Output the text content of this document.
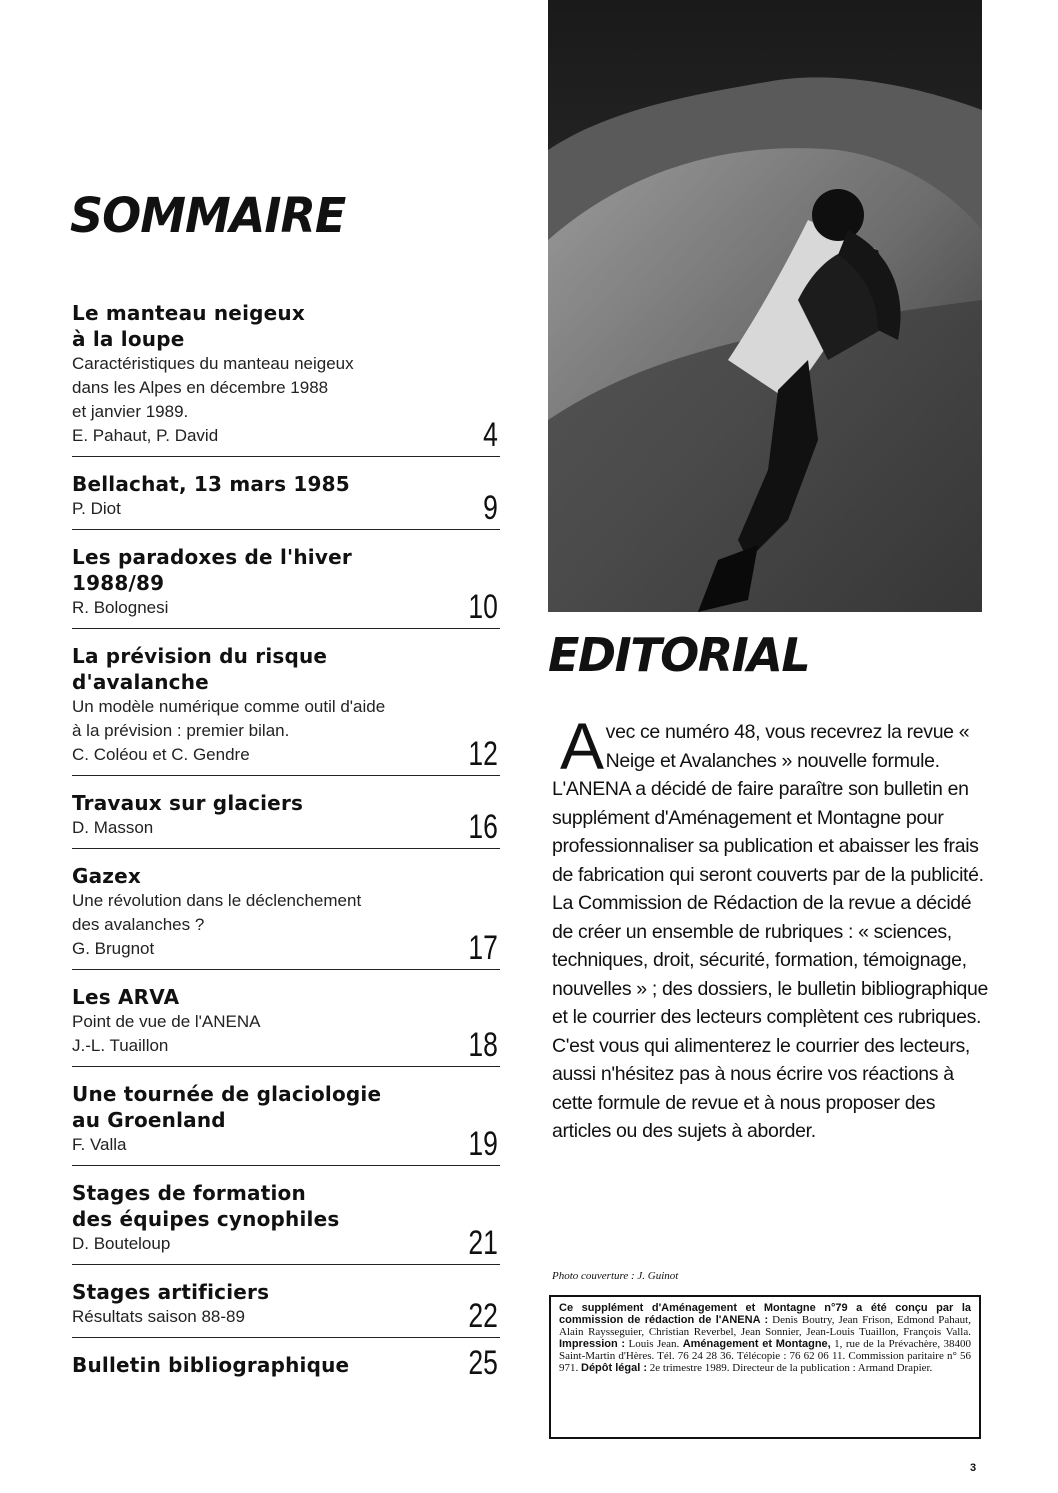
SOMMAIRE
Le manteau neigeux
à la loupe
Caractéristiques du manteau neigeux
dans les Alpes en décembre 1988
et janvier 1989.
E. Pahaut, P. David	4
Bellachat, 13 mars 1985
P. Diot	9
Les paradoxes de l'hiver
1988/89
R. Bolognesi	10
La prévision du risque
d'avalanche
Un modèle numérique comme outil d'aide
à la prévision : premier bilan.
C. Coléou et C. Gendre	12
Travaux sur glaciers
D. Masson	16
Gazex
Une révolution dans le déclenchement
des avalanches ?
G. Brugnot	17
Les ARVA
Point de vue de l'ANENA
J.-L. Tuaillon	18
Une tournée de glaciologie
au Groenland
F. Valla	19
Stages de formation
des équipes cynophiles
D. Bouteloup	21
Stages artificiers
Résultats saison 88-89	22
Bulletin bibliographique	25
EDITORIAL
A vec ce numéro 48, vous recevrez la revue « Neige et Avalanches » nouvelle formule. L'ANENA a décidé de faire paraître son bulletin en supplément d'Aménagement et Montagne pour professionnaliser sa publication et abaisser les frais de fabrication qui seront couverts par de la publicité. La Commission de Rédaction de la revue a décidé de créer un ensemble de rubriques : « sciences, techniques, droit, sécurité, formation, témoignage, nouvelles » ; des dossiers, le bulletin bibliographique et le courrier des lecteurs complètent ces rubriques. C'est vous qui alimenterez le courrier des lecteurs, aussi n'hésitez pas à nous écrire vos réactions à cette formule de revue et à nous proposer des articles ou des sujets à aborder.

Photo couverture : J. Guinot
Ce supplément d'Aménagement et Montagne n°79 a été conçu par la commission de rédaction de l'ANENA : Denis Boutry, Jean Frison, Edmond Pahaut, Alain Raysseguier, Christian Reverbel, Jean Sonnier, Jean-Louis Tuaillon, François Valla. Impression : Louis Jean. Aménagement et Montagne, 1, rue de la Prévachère, 38400 Saint-Martin d'Hères. Tél. 76 24 28 36. Télécopie : 76 62 06 11. Commission paritaire n° 56 971. Dépôt légal : 2e trimestre 1989. Directeur de la publication : Armand Drapier.
3
